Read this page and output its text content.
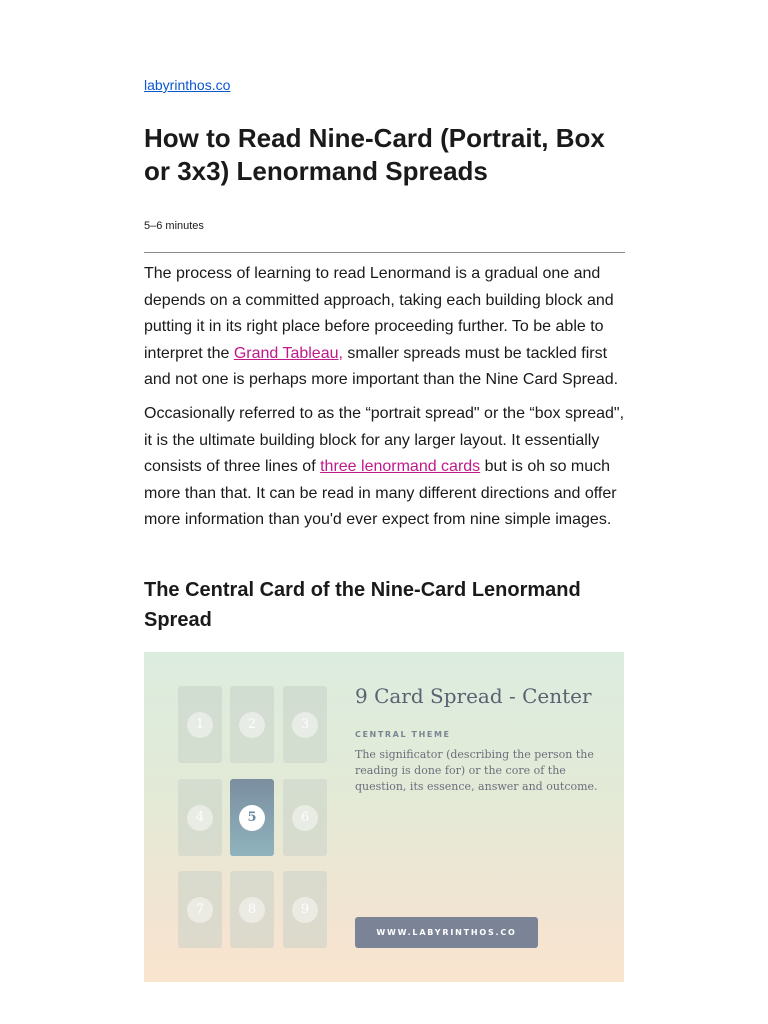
labyrinthos.co
How to Read Nine-Card (Portrait, Box or 3x3) Lenormand Spreads
5–6 minutes

The process of learning to read Lenormand is a gradual one and depends on a committed approach, taking each building block and putting it in its right place before proceeding further. To be able to interpret the Grand Tableau, smaller spreads must be tackled first and not one is perhaps more important than the Nine Card Spread.

Occasionally referred to as the “portrait spread" or the “box spread", it is the ultimate building block for any larger layout. It essentially consists of three lines of three lenormand cards but is oh so much more than that. It can be read in many different directions and offer more information than you'd ever expect from nine simple images.

The Central Card of the Nine-Card Lenormand Spread
1	2	3
4	5	6
7	8	9
9 Card Spread - Center
CENTRAL THEME

The significator (describing the person the reading is done for) or the core of the question, its essence, answer and outcome.

WWW.LABYRINTHOS.CO
